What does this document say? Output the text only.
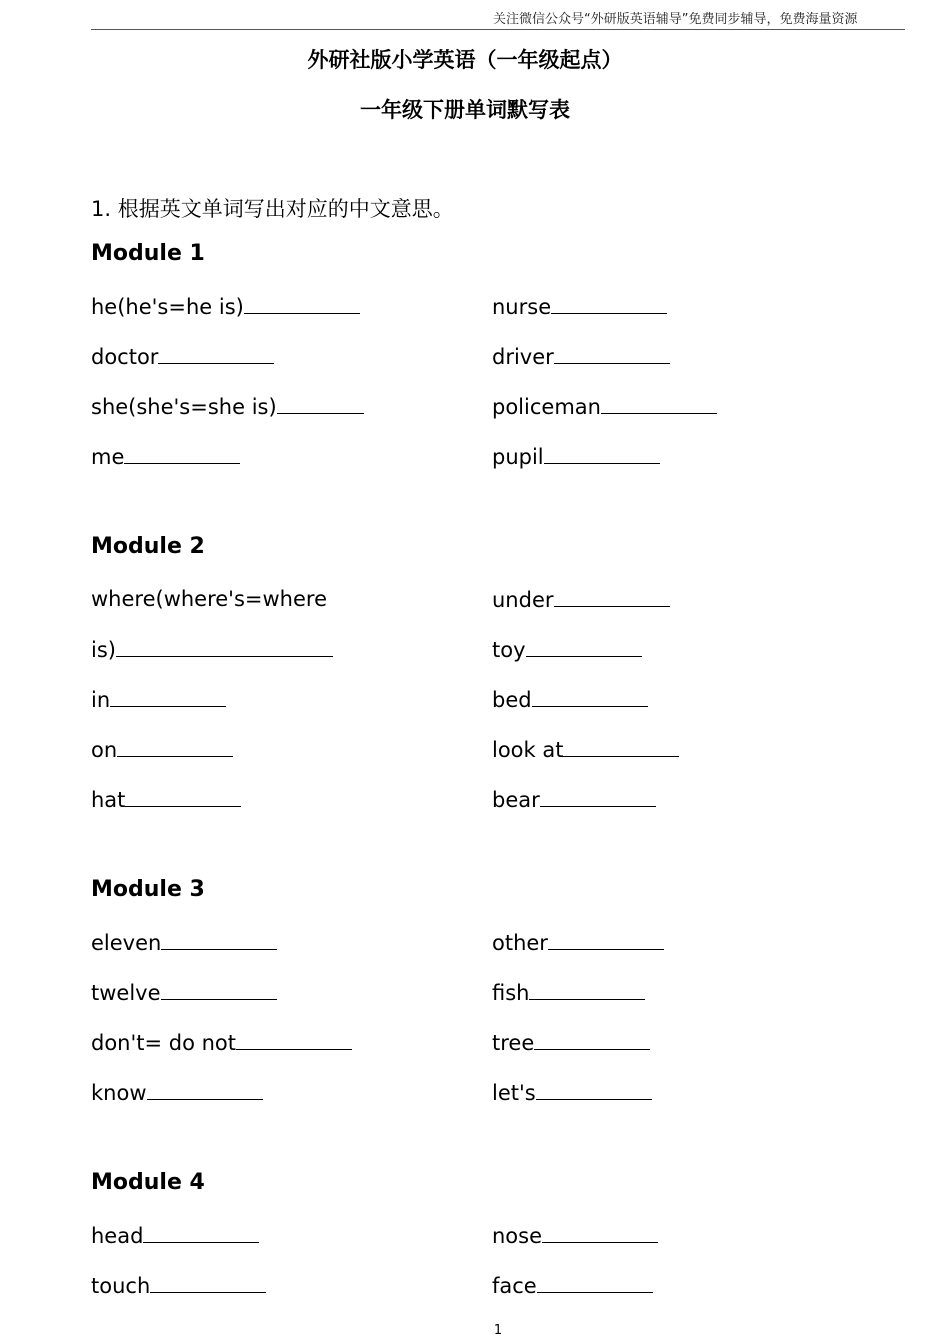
关注微信公众号“外研版英语辅导”免费同步辅导，免费海量资源
外研社版小学英语（一年级起点）
一年级下册单词默写表
1. 根据英文单词写出对应的中文意思。
Module 1
he(he's=he is)	nurse
doctor	driver
she(she's=she is)	policeman
me	pupil
Module 2
where(where's=where	under
is)	toy
in	bed
on	look at
hat	bear
Module 3
eleven	other
twelve	fish
don't= do not	tree
know	let's
Module 4
head	nose
touch	face
1
